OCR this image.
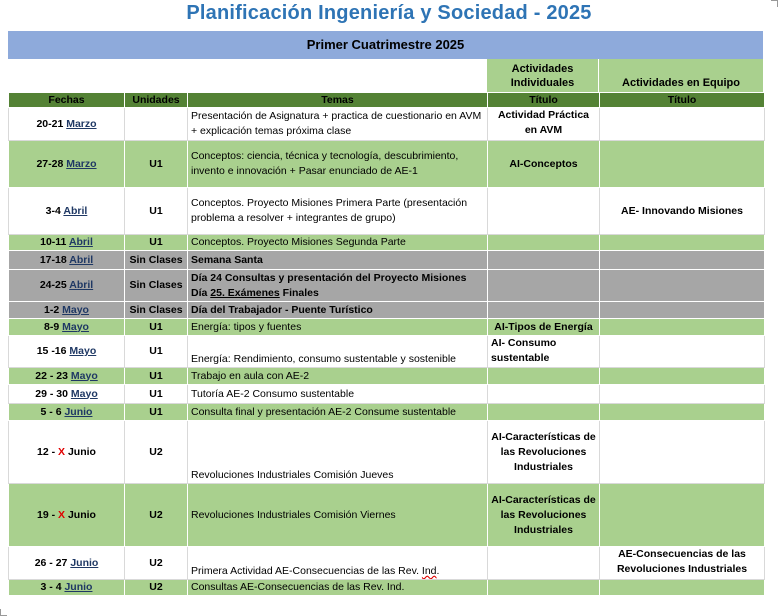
Planificación Ingeniería y Sociedad - 2025
Primer Cuatrimestre 2025
Actividades Individuales	Actividades en Equipo
Fechas	Unidades	Temas	Título	Título
20-21 Marzo		Presentación de Asignatura + practica de cuestionario en AVM + explicación temas próxima clase	Actividad Práctica en AVM	
27-28 Marzo	U1	Conceptos: ciencia, técnica y tecnología, descubrimiento, invento e innovación + Pasar enunciado de AE-1	AI-Conceptos	
3-4 Abril	U1	Conceptos. Proyecto Misiones Primera Parte (presentación problema a resolver + integrantes de grupo)		AE- Innovando Misiones
10-11 Abril	U1	Conceptos. Proyecto Misiones Segunda Parte		
17-18 Abril	Sin Clases	Semana Santa		
24-25 Abril	Sin Clases	Día 24 Consultas y presentación del Proyecto Misiones
Día 25. Exámenes Finales		

1-2 Mayo	Sin Clases	Día del Trabajador - Puente Turístico		
8-9 Mayo	U1	Energía: tipos y fuentes	AI-Tipos de Energía	
15 -16 Mayo	U1	Energía: Rendimiento, consumo sustentable y sostenible	AI- Consumo sustentable	
22 - 23 Mayo	U1	Trabajo en aula con AE-2		
29 - 30 Mayo	U1	Tutoría AE-2 Consumo sustentable		
5 - 6 Junio	U1	Consulta final y presentación AE-2 Consume sustentable		
12 - X Junio	U2	Revoluciones Industriales Comisión Jueves	AI-Características de las Revoluciones Industriales	
19 - X Junio	U2	Revoluciones Industriales Comisión Viernes	AI-Características de las Revoluciones Industriales	
26 - 27 Junio	U2	Primera Actividad AE-Consecuencias de las Rev. Ind.		AE-Consecuencias de las Revoluciones Industriales
3 - 4 Junio	U2	Consultas AE-Consecuencias de las Rev. Ind.		
